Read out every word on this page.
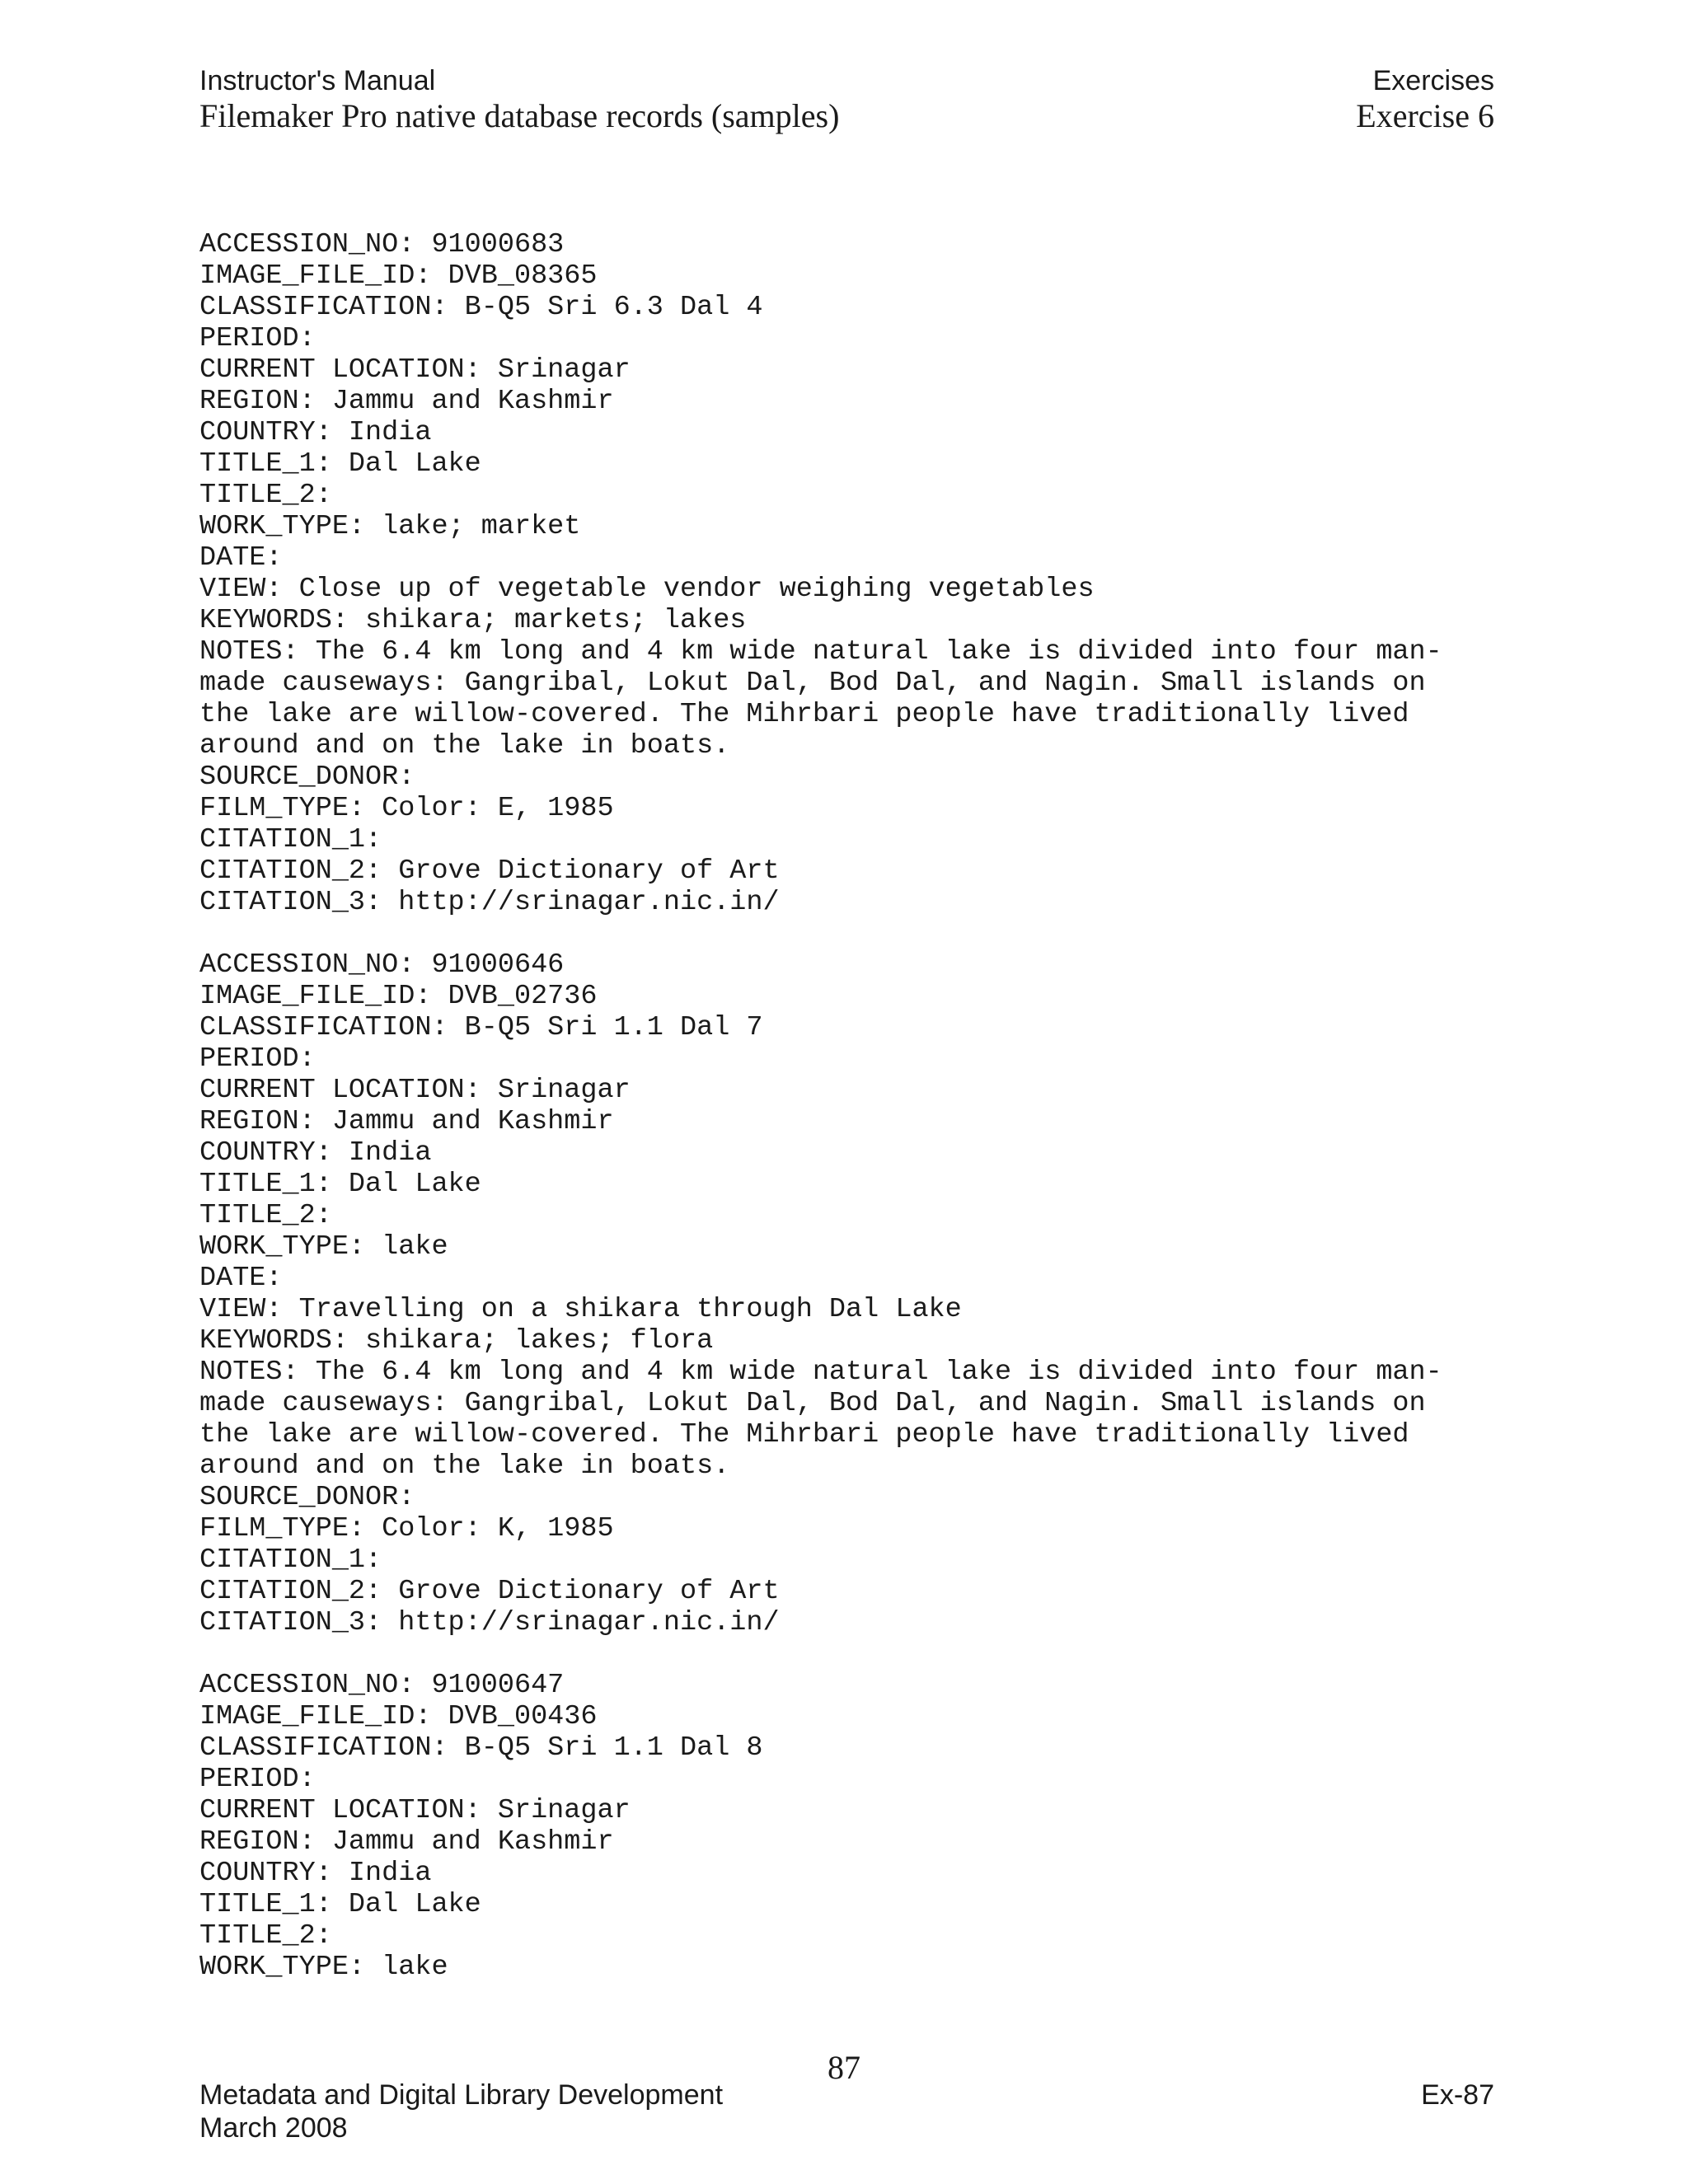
Instructor's Manual
Filemaker Pro native database records (samples)
Exercises
Exercise 6
ACCESSION_NO: 91000683
IMAGE_FILE_ID: DVB_08365
CLASSIFICATION: B-Q5 Sri 6.3 Dal 4
PERIOD:
CURRENT LOCATION: Srinagar
REGION: Jammu and Kashmir
COUNTRY: India
TITLE_1: Dal Lake
TITLE_2:
WORK_TYPE: lake; market
DATE:
VIEW: Close up of vegetable vendor weighing vegetables
KEYWORDS: shikara; markets; lakes
NOTES: The 6.4 km long and 4 km wide natural lake is divided into four man-
made causeways: Gangribal, Lokut Dal, Bod Dal, and Nagin. Small islands on
the lake are willow-covered. The Mihrbari people have traditionally lived
around and on the lake in boats.
SOURCE_DONOR:
FILM_TYPE: Color: E, 1985
CITATION_1:
CITATION_2: Grove Dictionary of Art
CITATION_3: http://srinagar.nic.in/
ACCESSION_NO: 91000646
IMAGE_FILE_ID: DVB_02736
CLASSIFICATION: B-Q5 Sri 1.1 Dal 7
PERIOD:
CURRENT LOCATION: Srinagar
REGION: Jammu and Kashmir
COUNTRY: India
TITLE_1: Dal Lake
TITLE_2:
WORK_TYPE: lake
DATE:
VIEW: Travelling on a shikara through Dal Lake
KEYWORDS: shikara; lakes; flora
NOTES: The 6.4 km long and 4 km wide natural lake is divided into four man-
made causeways: Gangribal, Lokut Dal, Bod Dal, and Nagin. Small islands on
the lake are willow-covered. The Mihrbari people have traditionally lived
around and on the lake in boats.
SOURCE_DONOR:
FILM_TYPE: Color: K, 1985
CITATION_1:
CITATION_2: Grove Dictionary of Art
CITATION_3: http://srinagar.nic.in/
ACCESSION_NO: 91000647
IMAGE_FILE_ID: DVB_00436
CLASSIFICATION: B-Q5 Sri 1.1 Dal 8
PERIOD:
CURRENT LOCATION: Srinagar
REGION: Jammu and Kashmir
COUNTRY: India
TITLE_1: Dal Lake
TITLE_2:
WORK_TYPE: lake
87
Metadata and Digital Library Development
March 2008
Ex-87
